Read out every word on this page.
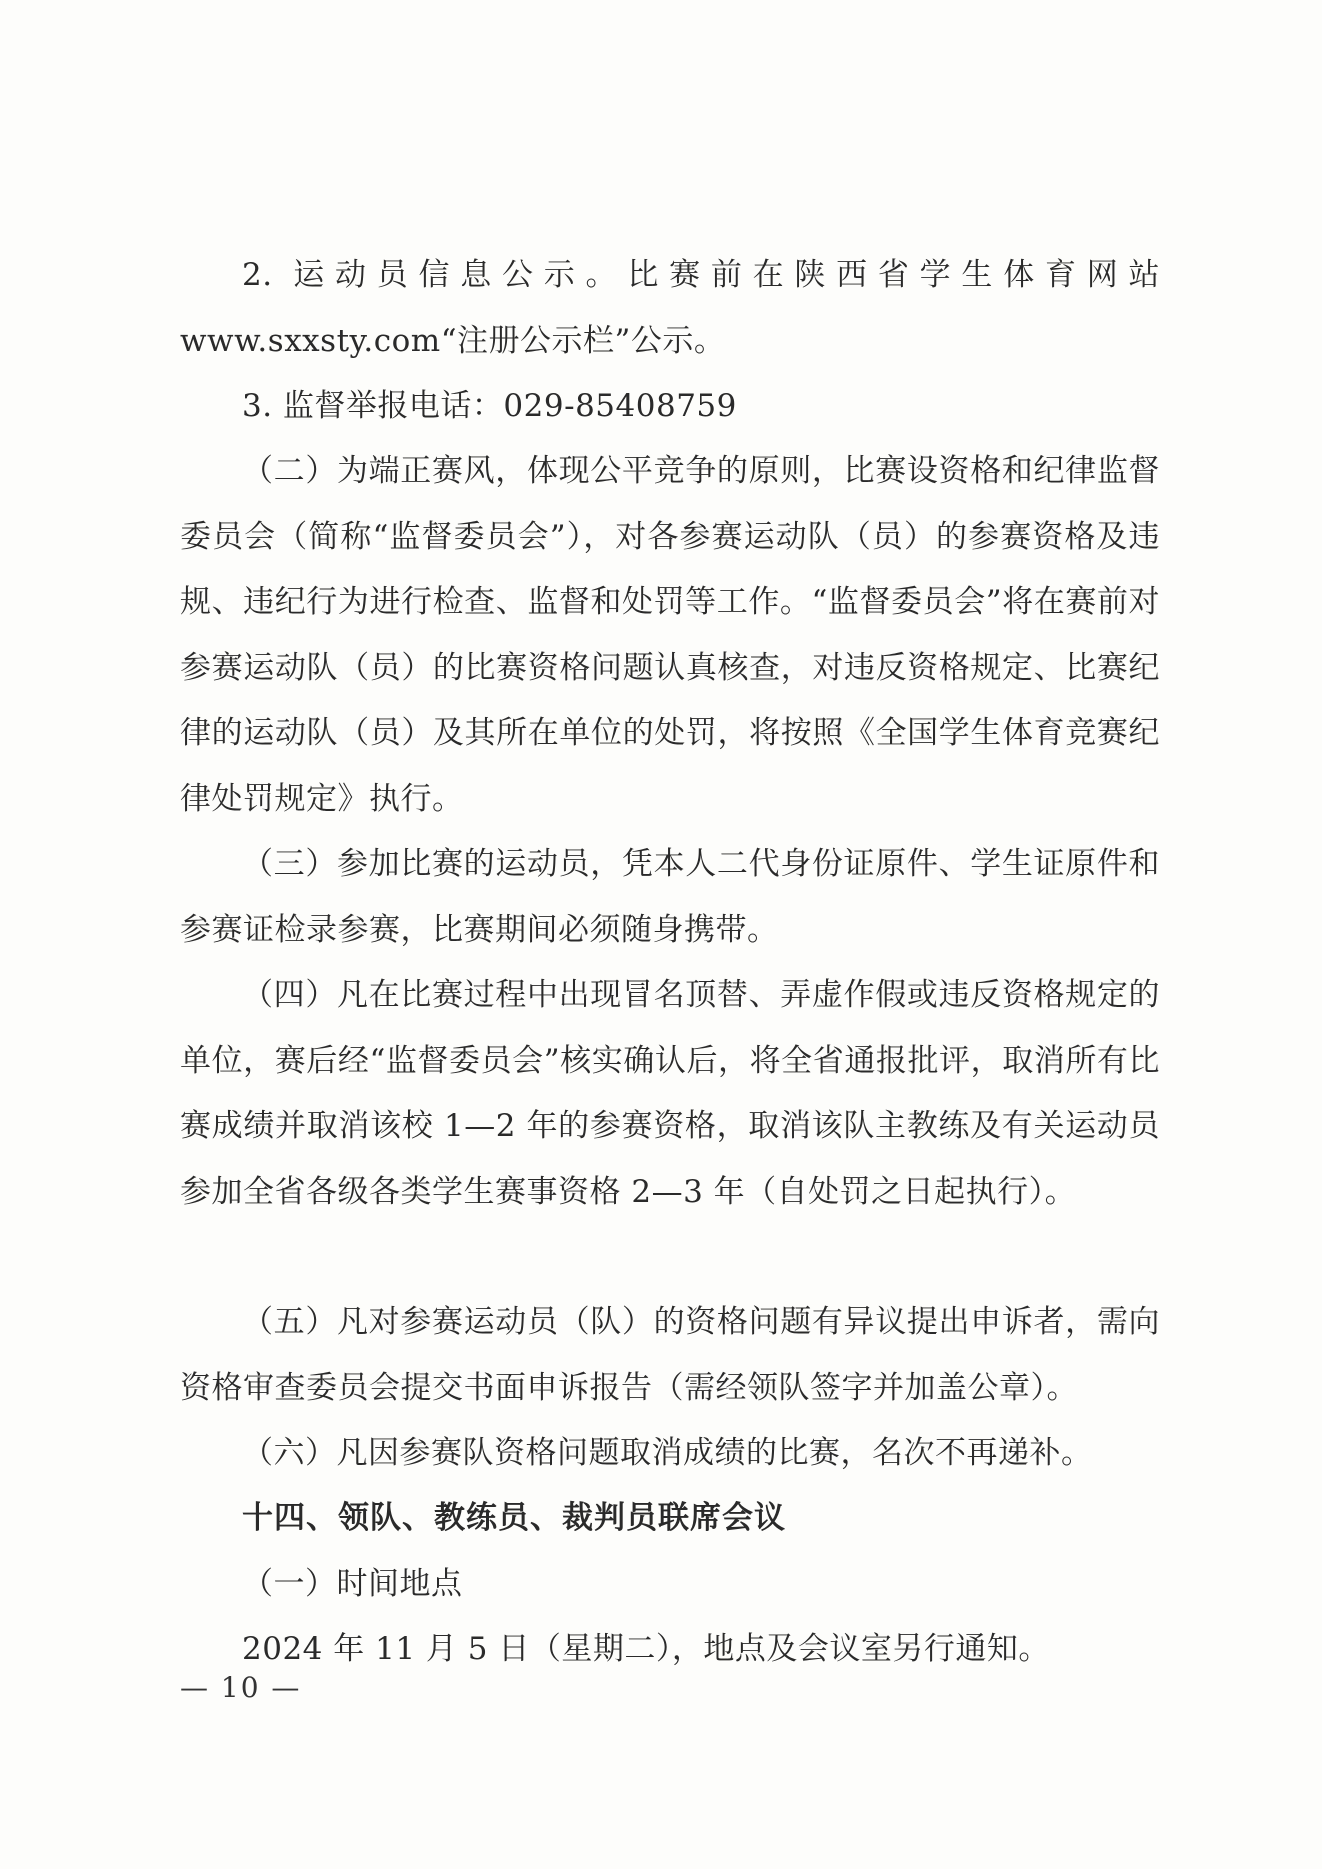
2. 运动员信息公示。比赛前在陕西省学生体育网站www.sxxsty.com“注册公示栏”公示。

3. 监督举报电话：029-85408759

（二）为端正赛风，体现公平竞争的原则，比赛设资格和纪律监督委员会（简称“监督委员会”），对各参赛运动队（员）的参赛资格及违规、违纪行为进行检查、监督和处罚等工作。“监督委员会”将在赛前对参赛运动队（员）的比赛资格问题认真核查，对违反资格规定、比赛纪律的运动队（员）及其所在单位的处罚，将按照《全国学生体育竞赛纪律处罚规定》执行。

（三）参加比赛的运动员，凭本人二代身份证原件、学生证原件和参赛证检录参赛，比赛期间必须随身携带。

（四）凡在比赛过程中出现冒名顶替、弄虚作假或违反资格规定的单位，赛后经“监督委员会”核实确认后，将全省通报批评，取消所有比赛成绩并取消该校 1—2 年的参赛资格，取消该队主教练及有关运动员参加全省各级各类学生赛事资格 2—3 年（自处罚之日起执行）。

（五）凡对参赛运动员（队）的资格问题有异议提出申诉者，需向资格审查委员会提交书面申诉报告（需经领队签字并加盖公章）。

（六）凡因参赛队资格问题取消成绩的比赛，名次不再递补。

十四、领队、教练员、裁判员联席会议

（一）时间地点

2024 年 11 月 5 日（星期二），地点及会议室另行通知。

— 10 —
